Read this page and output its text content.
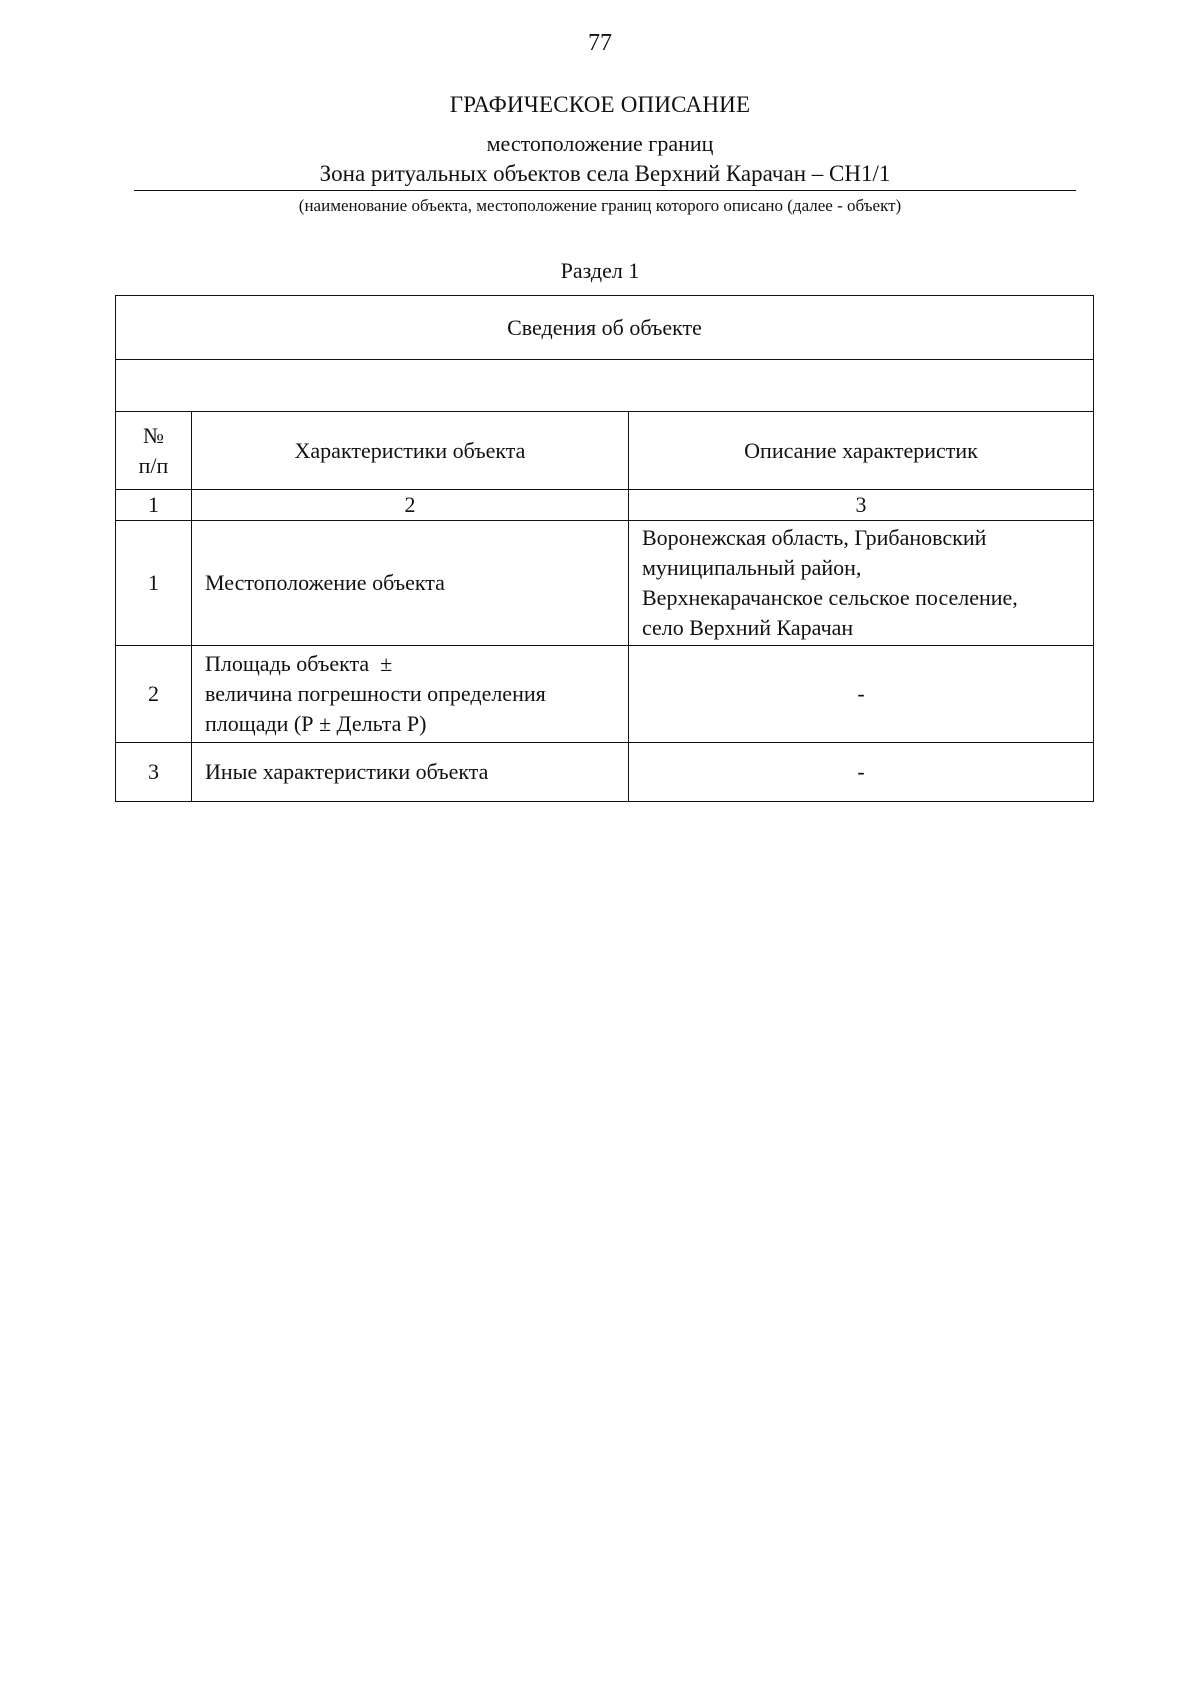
77
ГРАФИЧЕСКОЕ ОПИСАНИЕ
местоположение границ
Зона ритуальных объектов села Верхний Карачан – СН1/1
(наименование объекта, местоположение границ которого описано (далее - объект)
Раздел 1
Сведения об объекте		

№
п/п	Характеристики объекта	Описание характеристик
1	2	3
1	Местоположение объекта	Воронежская область, Грибановский
муниципальный район,
Верхнекарачанское сельское поселение,
село Верхний Карачан

2	Площадь объекта  ±
величина погрешности определения
площади (Р ± Дельта Р)	-
3	Иные характеристики объекта	-
